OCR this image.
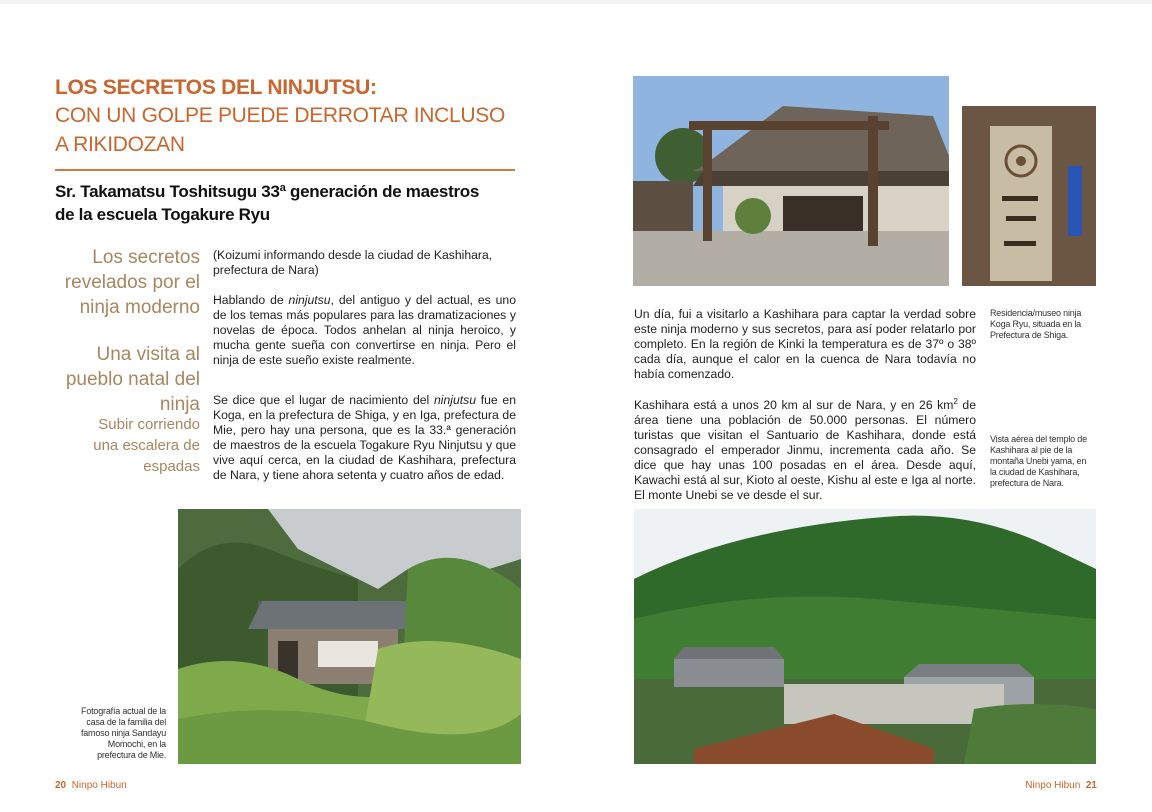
LOS SECRETOS DEL NINJUTSU:
CON UN GOLPE PUEDE DERROTAR INCLUSO
A RIKIDOZAN
Sr. Takamatsu Toshitsugu 33ª generación de maestros
de la escuela Togakure Ryu
Los secretos revelados por el ninja moderno
Una visita al pueblo natal del ninja
Subir corriendo una escalera de espadas
(Koizumi informando desde la ciudad de Kashihara, prefectura de Nara)
Hablando de ninjutsu, del antiguo y del actual, es uno de los temas más populares para las dramatizaciones y novelas de época. Todos anhelan al ninja heroico, y mucha gente sueña con convertirse en ninja. Pero el ninja de este sueño existe realmente.
Se dice que el lugar de nacimiento del ninjutsu fue en Koga, en la prefectura de Shiga, y en Iga, prefectura de Mie, pero hay una persona, que es la 33.ª generación de maestros de la escuela Togakure Ryu Ninjutsu y que vive aquí cerca, en la ciudad de Kashihara, prefectura de Nara, y tiene ahora setenta y cuatro años de edad.
Fotografía actual de la casa de la familia del famoso ninja Sandayu Momochi, en la prefectura de Mie.
20 Ninpo Hibun
Residencia/museo ninja Koga Ryu, situada en la Prefectura de Shiga.
Un día, fui a visitarlo a Kashihara para captar la verdad sobre este ninja moderno y sus secretos, para así poder relatarlo por completo. En la región de Kinki la temperatura es de 37º o 38º cada día, aunque el calor en la cuenca de Nara todavía no había comenzado.
Kashihara está a unos 20 km al sur de Nara, y en 26 $km^2$ de área tiene una población de 50.000 personas. El número turistas que visitan el Santuario de Kashihara, donde está consagrado el emperador Jinmu, incrementa cada año. Se dice que hay unas 100 posadas en el área. Desde aquí, Kawachi está al sur, Kioto al oeste, Kishu al este e Iga al norte. El monte Unebi se ve desde el sur.
Vista aérea del templo de Kashihara al pie de la montaña Unebi yama, en la ciudad de Kashihara, prefectura de Nara.
Ninpo Hibun 21
